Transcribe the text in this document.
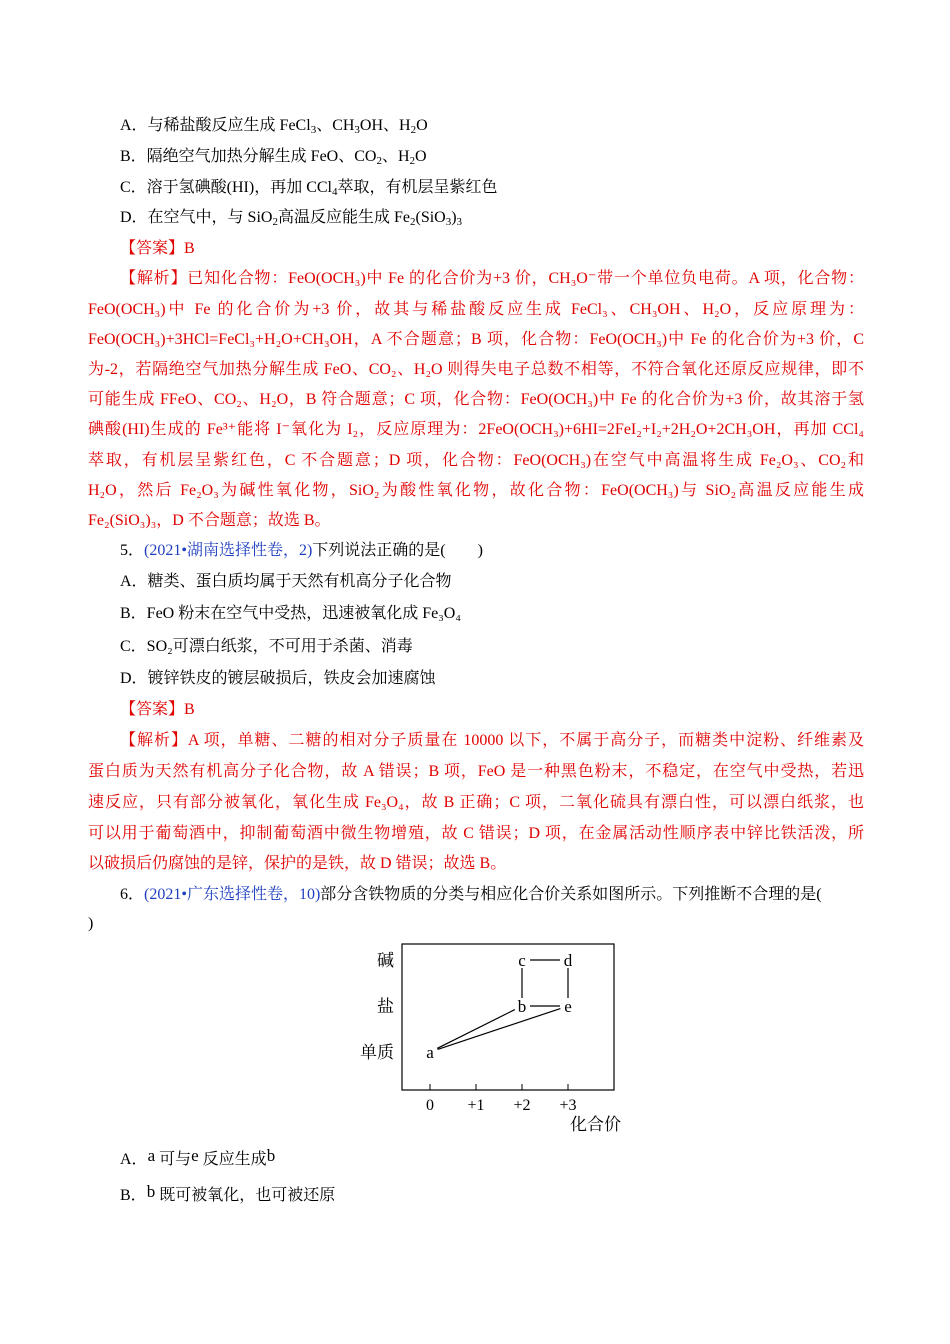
A．与稀盐酸反应生成 FeCl$_3$、$CH_3OH$、$H_2O$
B．隔绝空气加热分解生成 FeO、$CO_2$、$H_2O$
C．溶于氢碘酸(HI)，再加 CCl$_4$萃取，有机层呈紫红色
D．在空气中，与 SiO$_2$高温反应能生成 $Fe_2(SiO_3)_3$
【答案】B
【解析】已知化合物：FeO(OCH₃)中 Fe 的化合价为+3 价，CH₃O⁻带一个单位负电荷。A 项，化合物：
FeO(OCH₃)中 Fe 的化合价为+3 价，故其与稀盐酸反应生成 FeCl₃、CH₃OH、H₂O，反应原理为：
FeO(OCH₃)+3HCl=FeCl₃+H₂O+CH₃OH，A 不合题意；B 项，化合物：FeO(OCH₃)中 Fe 的化合价为+3 价，C
为-2，若隔绝空气加热分解生成 FeO、CO₂、H₂O 则得失电子总数不相等，不符合氧化还原反应规律，即不
可能生成 FFeO、CO₂、H₂O，B 符合题意；C 项，化合物：FeO(OCH₃)中 Fe 的化合价为+3 价，故其溶于氢
碘酸(HI)生成的 Fe³⁺能将 I⁻氧化为 I₂，反应原理为：2FeO(OCH₃)+6HI=2FeI₂+I₂+2H₂O+2CH₃OH，再加 CCl₄
萃取，有机层呈紫红色，C 不合题意；D 项，化合物：FeO(OCH₃)在空气中高温将生成 Fe₂O₃、CO₂和
H₂O，然后 Fe₂O₃为碱性氧化物，SiO₂为酸性氧化物，故化合物：FeO(OCH₃)与 SiO₂高温反应能生成
Fe₂(SiO₃)₃，D 不合题意；故选 B。
5．(2021•湖南选择性卷，2)下列说法正确的是(　　)
A．糖类、蛋白质均属于天然有机高分子化合物
B．FeO 粉末在空气中受热，迅速被氧化成 Fe₃O₄
C．SO₂可漂白纸浆，不可用于杀菌、消毒
D．镀锌铁皮的镀层破损后，铁皮会加速腐蚀
【答案】B
【解析】A 项，单糖、二糖的相对分子质量在 10000 以下，不属于高分子，而糖类中淀粉、纤维素及
蛋白质为天然有机高分子化合物，故 A 错误；B 项，FeO 是一种黑色粉末，不稳定，在空气中受热，若迅
速反应，只有部分被氧化，氧化生成 Fe₃O₄，故 B 正确；C 项，二氧化硫具有漂白性，可以漂白纸浆，也
可以用于葡萄酒中，抑制葡萄酒中微生物增殖，故 C 错误；D 项，在金属活动性顺序表中锌比铁活泼，所
以破损后仍腐蚀的是锌，保护的是铁，故 D 错误；故选 B。
6．(2021•广东选择性卷，10)部分含铁物质的分类与相应化合价关系如图所示。下列推断不合理的是(
)
单质
盐
碱
0 +1 +2 +3
a
b e
c d
化合价
A．a 可与e 反应生成b
B．b 既可被氧化，也可被还原
